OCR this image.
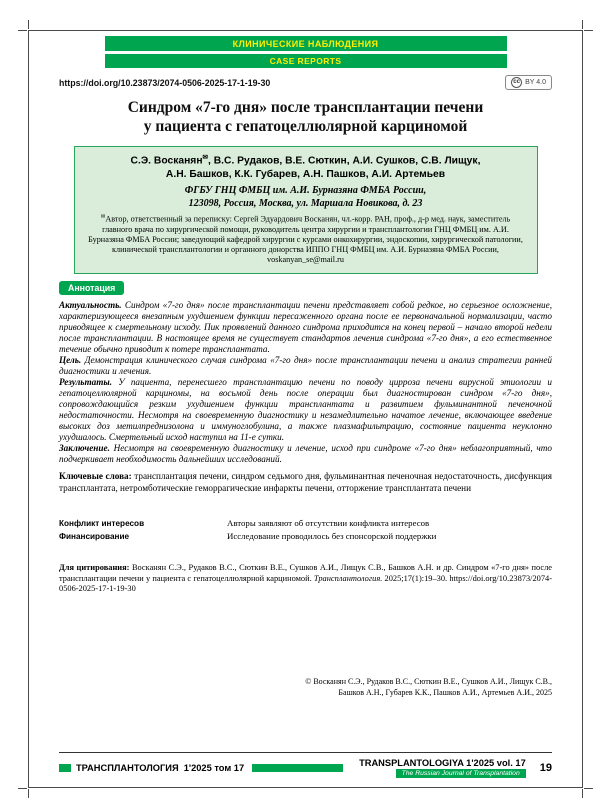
КЛИНИЧЕСКИЕ НАБЛЮДЕНИЯ
CASE REPORTS
https://doi.org/10.23873/2074-0506-2025-17-1-19-30	cc BY 4.0
Синдром «7-го дня» после трансплантации печени
у пациента с гепатоцеллюлярной карциномой
С.Э. Восканян✉, В.С. Рудаков, В.Е. Сюткин, А.И. Сушков, С.В. Лищук,
А.Н. Башков, К.К. Губарев, А.Н. Пашков, А.И. Артемьев
ФГБУ ГНЦ ФМБЦ им. А.И. Бурназяна ФМБА России,
123098, Россия, Москва, ул. Маршала Новикова, д. 23
✉Автор, ответственный за переписку: Сергей Эдуардович Восканян, чл.-корр. РАН, проф., д-р мед. наук, заместитель главного врача по хирургической помощи, руководитель центра хирургии и трансплантологии ГНЦ ФМБЦ им. А.И. Бурназяна ФМБА России; заведующий кафедрой хирургии с курсами онкохирургии, эндоскопии, хирургической патологии, клинической трансплантологии и органного донорства ИППО ГНЦ ФМБЦ им. А.И. Бурназяна ФМБА России, voskanyan_se@mail.ru
Аннотация

Актуальность. Синдром «7-го дня» после трансплантации печени представляет собой редкое, но серьезное осложнение, характеризующееся внезапным ухудшением функции пересаженного органа после ее первоначальной нормализации, часто приводящее к смертельному исходу. Пик проявлений данного синдрома приходится на конец первой – начало второй недели после трансплантации. В настоящее время не существует стандартов лечения синдрома «7-го дня», а его естественное течение обычно приводит к потере трансплантата.

Цель. Демонстрация клинического случая синдрома «7-го дня» после трансплантации печени и анализ стратегии ранней диагностики и лечения.

Результаты. У пациента, перенесшего трансплантацию печени по поводу цирроза печени вирусной этиологии и гепатоцеллюлярной карциномы, на восьмой день после операции был диагностирован синдром «7-го дня», сопровождающийся резким ухудшением функции трансплантата и развитием фульминантной печеночной недостаточности. Несмотря на своевременную диагностику и незамедлительно начатое лечение, включающее введение высоких доз метилпреднизолона и иммуноглобулина, а также плазмафильтрацию, состояние пациента неуклонно ухудшалось. Смертельный исход наступил на 11-е сутки.

Заключение. Несмотря на своевременную диагностику и лечение, исход при синдроме «7-го дня» неблагоприятный, что подчеркивает необходимость дальнейших исследований.

Ключевые слова: трансплантация печени, синдром седьмого дня, фульминантная печеночная недостаточность, дисфункция трансплантата, нетромботические геморрагические инфаркты печени, отторжение трансплантата печени

Конфликт интересов	Авторы заявляют об отсутствии конфликта интересов
Финансирование	Исследование проводилось без спонсорской поддержки

Для цитирования: Восканян С.Э., Рудаков В.С., Сюткин В.Е., Сушков А.И., Лищук С.В., Башков А.Н. и др. Синдром «7-го дня» после трансплантации печени у пациента с гепатоцеллюлярной карциномой. Трансплантология. 2025;17(1):19–30. https://doi.org/10.23873/2074-0506-2025-17-1-19-30

© Восканян С.Э., Рудаков В.С., Сюткин В.Е., Сушков А.И., Лищук С.В.,
Башков А.Н., Губарев К.К., Пашков А.И., Артемьев А.И., 2025
ТРАНСПЛАНТОЛОГИЯ 1'2025 том 17	TRANSPLANTOLOGIYA 1'2025 vol. 17
The Russian Journal of Transplantation	19
